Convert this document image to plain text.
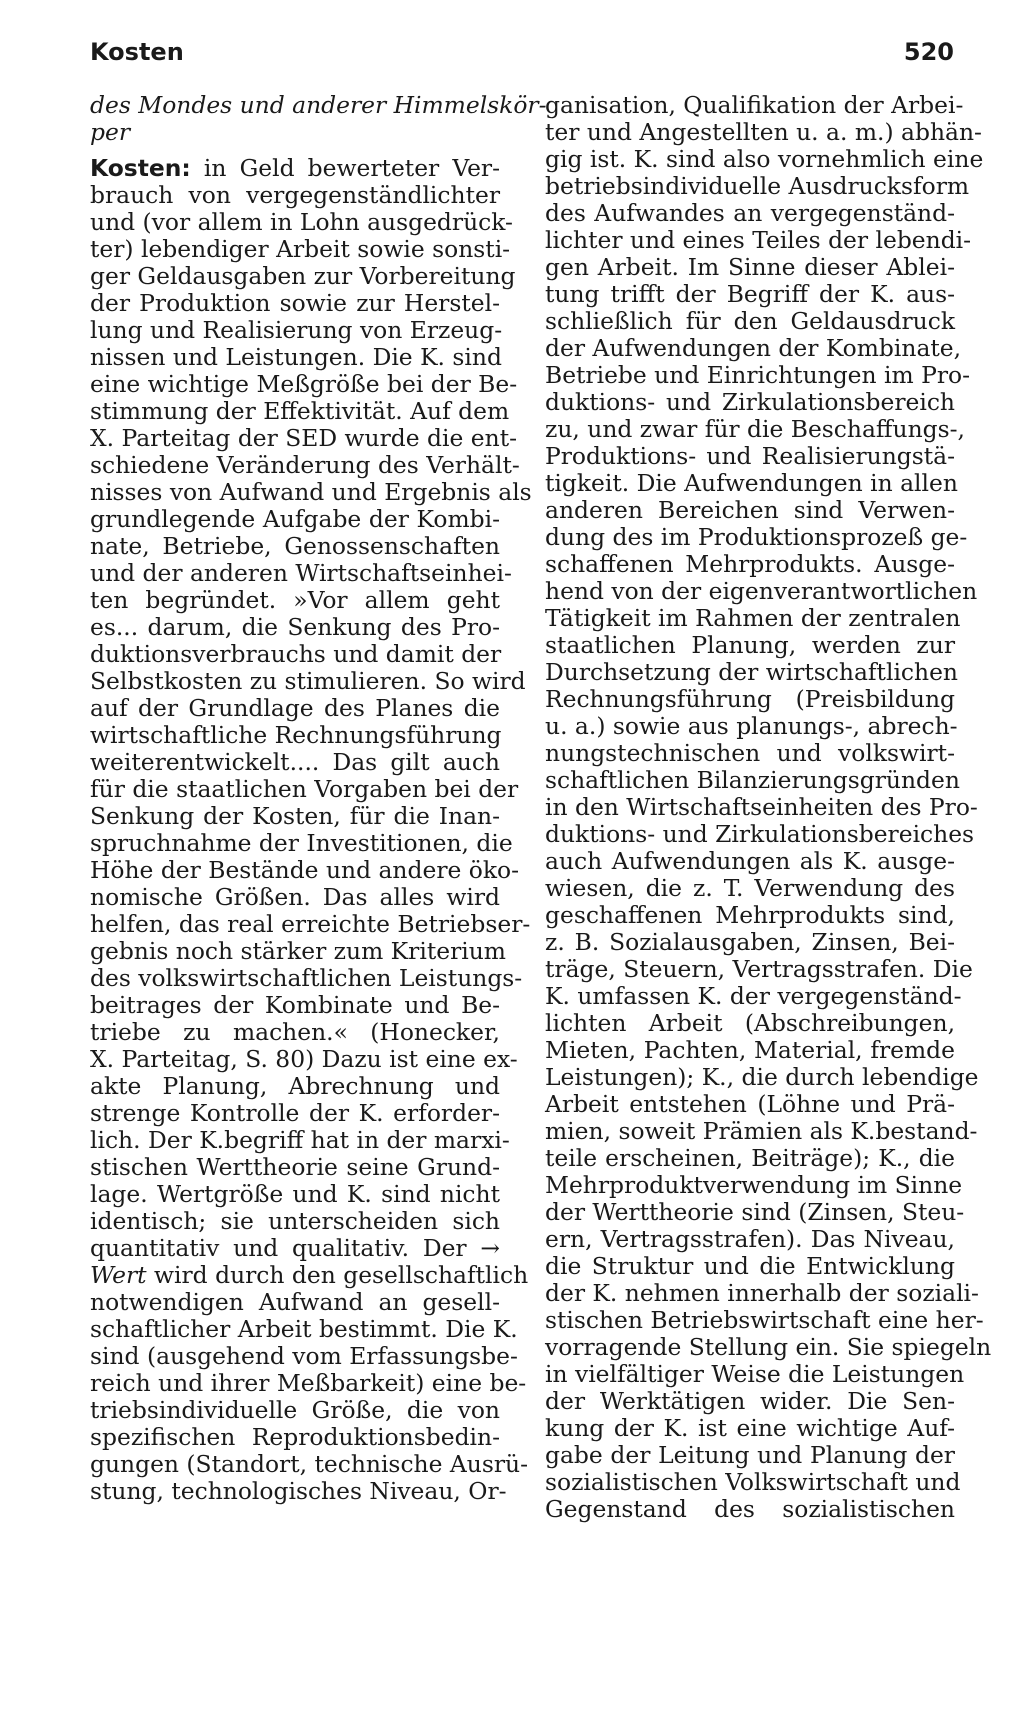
Kosten	520
des Mondes und anderer Himmelskör-
per
Kosten: in Geld bewerteter Ver-
brauch von vergegenständlichter
und (vor allem in Lohn ausgedrück-
ter) lebendiger Arbeit sowie sonsti-
ger Geldausgaben zur Vorbereitung
der Produktion sowie zur Herstel-
lung und Realisierung von Erzeug-
nissen und Leistungen. Die K. sind
eine wichtige Meßgröße bei der Be-
stimmung der Effektivität. Auf dem
X. Parteitag der SED wurde die ent-
schiedene Veränderung des Verhält-
nisses von Aufwand und Ergebnis als
grundlegende Aufgabe der Kombi-
nate, Betriebe, Genossenschaften
und der anderen Wirtschaftseinhei-
ten begründet. »Vor allem geht
es... darum, die Senkung des Pro-
duktionsverbrauchs und damit der
Selbstkosten zu stimulieren. So wird
auf der Grundlage des Planes die
wirtschaftliche Rechnungsführung
weiterentwickelt.... Das gilt auch
für die staatlichen Vorgaben bei der
Senkung der Kosten, für die Inan-
spruchnahme der Investitionen, die
Höhe der Bestände und andere öko-
nomische Größen. Das alles wird
helfen, das real erreichte Betriebser-
gebnis noch stärker zum Kriterium
des volkswirtschaftlichen Leistungs-
beitrages der Kombinate und Be-
triebe zu machen.« (Honecker,
X. Parteitag, S. 80) Dazu ist eine ex-
akte Planung, Abrechnung und
strenge Kontrolle der K. erforder-
lich. Der K.begriff hat in der marxi-
stischen Werttheorie seine Grund-
lage. Wertgröße und K. sind nicht
identisch; sie unterscheiden sich
quantitativ und qualitativ. Der →
Wert wird durch den gesellschaftlich
notwendigen Aufwand an gesell-
schaftlicher Arbeit bestimmt. Die K.
sind (ausgehend vom Erfassungsbe-
reich und ihrer Meßbarkeit) eine be-
triebsindividuelle Größe, die von
spezifischen Reproduktionsbedin-
gungen (Standort, technische Ausrü-
stung, technologisches Niveau, Or-
ganisation, Qualifikation der Arbei-
ter und Angestellten u. a. m.) abhän-
gig ist. K. sind also vornehmlich eine
betriebsindividuelle Ausdrucksform
des Aufwandes an vergegenständ-
lichter und eines Teiles der lebendi-
gen Arbeit. Im Sinne dieser Ablei-
tung trifft der Begriff der K. aus-
schließlich für den Geldausdruck
der Aufwendungen der Kombinate,
Betriebe und Einrichtungen im Pro-
duktions- und Zirkulationsbereich
zu, und zwar für die Beschaffungs-,
Produktions- und Realisierungstä-
tigkeit. Die Aufwendungen in allen
anderen Bereichen sind Verwen-
dung des im Produktionsprozeß ge-
schaffenen Mehrprodukts. Ausge-
hend von der eigenverantwortlichen
Tätigkeit im Rahmen der zentralen
staatlichen Planung, werden zur
Durchsetzung der wirtschaftlichen
Rechnungsführung (Preisbildung
u. a.) sowie aus planungs-, abrech-
nungstechnischen und volkswirt-
schaftlichen Bilanzierungsgründen
in den Wirtschaftseinheiten des Pro-
duktions- und Zirkulationsbereiches
auch Aufwendungen als K. ausge-
wiesen, die z. T. Verwendung des
geschaffenen Mehrprodukts sind,
z. B. Sozialausgaben, Zinsen, Bei-
träge, Steuern, Vertragsstrafen. Die
K. umfassen K. der vergegenständ-
lichten Arbeit (Abschreibungen,
Mieten, Pachten, Material, fremde
Leistungen); K., die durch lebendige
Arbeit entstehen (Löhne und Prä-
mien, soweit Prämien als K.bestand-
teile erscheinen, Beiträge); K., die
Mehrproduktverwendung im Sinne
der Werttheorie sind (Zinsen, Steu-
ern, Vertragsstrafen). Das Niveau,
die Struktur und die Entwicklung
der K. nehmen innerhalb der soziali-
stischen Betriebswirtschaft eine her-
vorragende Stellung ein. Sie spiegeln
in vielfältiger Weise die Leistungen
der Werktätigen wider. Die Sen-
kung der K. ist eine wichtige Auf-
gabe der Leitung und Planung der
sozialistischen Volkswirtschaft und
Gegenstand des sozialistischen
